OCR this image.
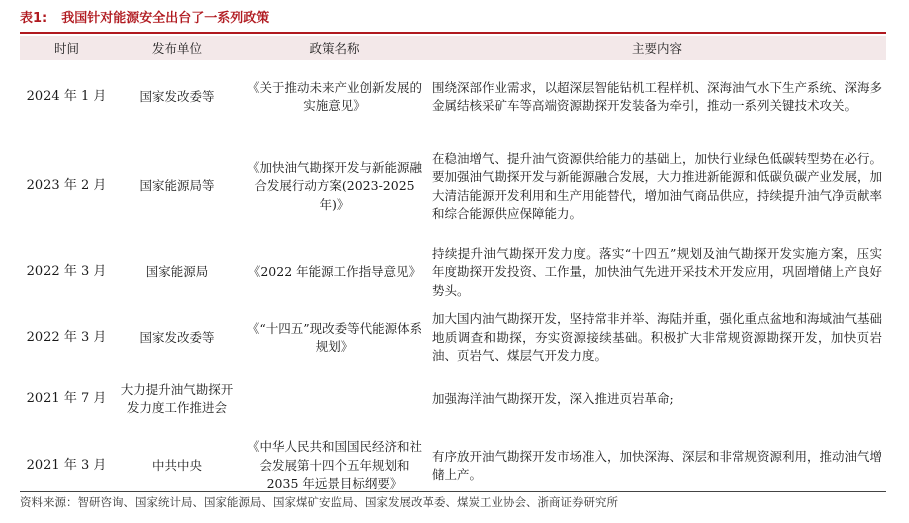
表1: 我国针对能源安全出台了一系列政策
时间	发布单位	政策名称	主要内容
2024 年 1 月	国家发改委等	《关于推动未来产业创新发展的实施意见》	围绕深部作业需求，以超深层智能钻机工程样机、深海油气水下生产系统、深海多金属结核采矿车等高端资源勘探开发装备为牵引，推动一系列关键技术攻关。
2023 年 2 月	国家能源局等	《加快油气勘探开发与新能源融合发展行动方案(2023-2025 年)》	在稳油增气、提升油气资源供给能力的基础上，加快行业绿色低碳转型势在必行。要加强油气勘探开发与新能源融合发展，大力推进新能源和低碳负碳产业发展，加大清洁能源开发利用和生产用能替代，增加油气商品供应，持续提升油气净贡献率和综合能源供应保障能力。
2022 年 3 月	国家能源局	《2022 年能源工作指导意见》	持续提升油气勘探开发力度。落实“十四五”规划及油气勘探开发实施方案，压实年度勘探开发投资、工作量，加快油气先进开采技术开发应用，巩固增储上产良好势头。
2022 年 3 月	国家发改委等	《“十四五”现改委等代能源体系规划》	加大国内油气勘探开发，坚持常非并举、海陆并重，强化重点盆地和海域油气基础地质调查和勘探，夯实资源接续基础。积极扩大非常规资源勘探开发，加快页岩油、页岩气、煤层气开发力度。
2021 年 7 月	大力提升油气勘探开发力度工作推进会		加强海洋油气勘探开发，深入推进页岩革命;
2021 年 3 月	中共中央	《中华人民共和国国民经济和社会发展第十四个五年规划和 2035 年远景目标纲要》	有序放开油气勘探开发市场准入，加快深海、深层和非常规资源利用，推动油气增储上产。
资料来源：智研咨询、国家统计局、国家能源局、国家煤矿安监局、国家发展改革委、煤炭工业协会、浙商证券研究所
